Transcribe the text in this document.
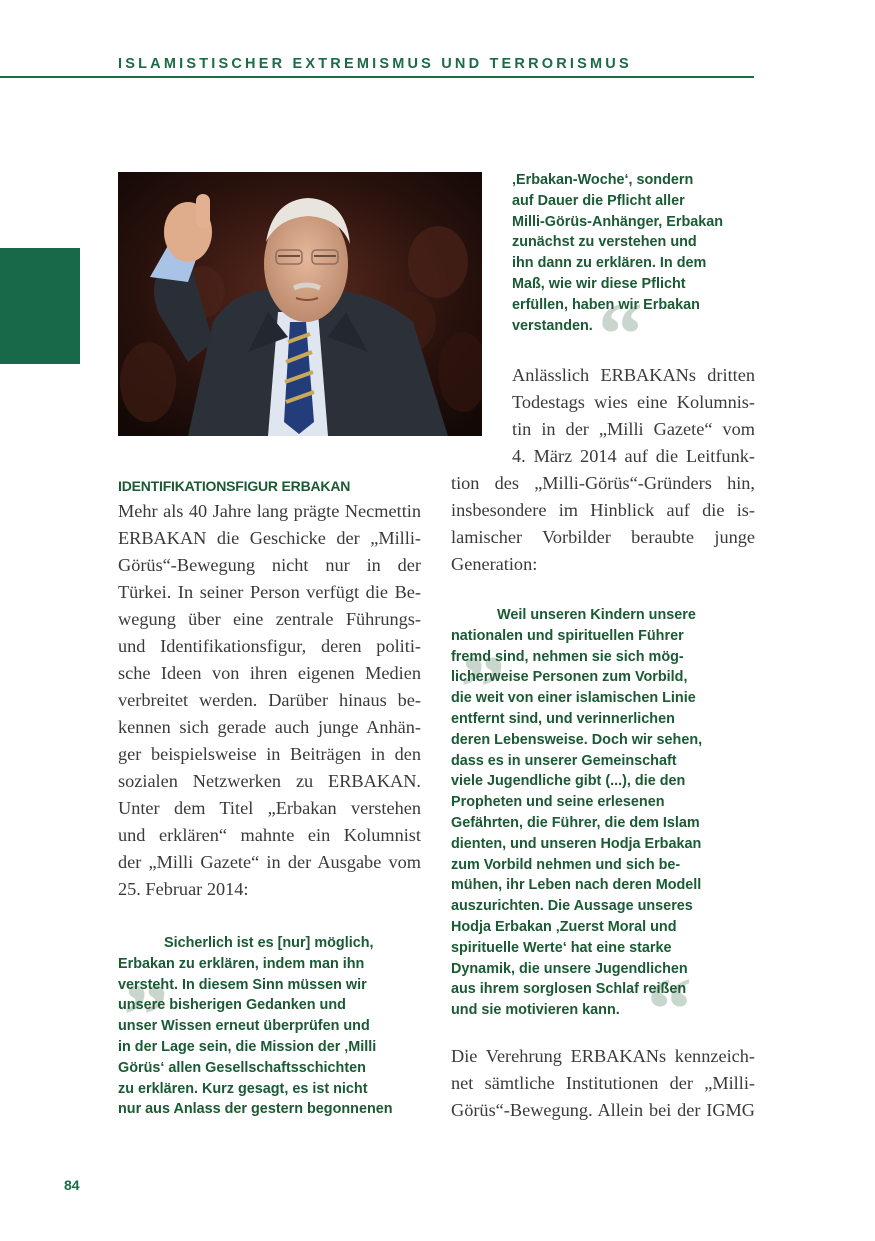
ISLAMISTISCHER EXTREMISMUS UND TERRORISMUS
“
‚Erbakan-Woche‘, sondern
auf Dauer die Pflicht aller
Milli-Görüs-Anhänger, Erbakan
zunächst zu verstehen und
ihn dann zu erklären. In dem
Maß, wie wir diese Pflicht
erfüllen, haben wir Erbakan
verstanden.
Anlässlich ERBAKANs dritten
Todestags wies eine Kolumnis-
tin in der „Milli Gazete“ vom
4. März 2014 auf die Leitfunk-
tion des „Milli-Görüs“-Gründers hin,
insbesondere im Hinblick auf die is-
lamischer Vorbilder beraubte junge
Generation:
IDENTIFIKATIONSFIGUR ERBAKAN
Mehr als 40 Jahre lang prägte Necmettin
ERBAKAN die Geschicke der „Milli-
Görüs“-Bewegung nicht nur in der
Türkei. In seiner Person verfügt die Be-
wegung über eine zentrale Führungs-
und Identifikationsfigur, deren politi-
sche Ideen von ihren eigenen Medien
verbreitet werden. Darüber hinaus be-
kennen sich gerade auch junge Anhän-
ger beispielsweise in Beiträgen in den
sozialen Netzwerken zu ERBAKAN.
Unter dem Titel „Erbakan verstehen
und erklären“ mahnte ein Kolumnist
der „Milli Gazete“ in der Ausgabe vom
25. Februar 2014:
„ Sicherlich ist es [nur] möglich,
Erbakan zu erklären, indem man ihn
versteht. In diesem Sinn müssen wir
unsere bisherigen Gedanken und
unser Wissen erneut überprüfen und
in der Lage sein, die Mission der ‚Milli
Görüs‘ allen Gesellschaftsschichten
zu erklären. Kurz gesagt, es ist nicht
nur aus Anlass der gestern begonnenen
„
“
Weil unseren Kindern unsere
nationalen und spirituellen Führer
fremd sind, nehmen sie sich mög-
licherweise Personen zum Vorbild,
die weit von einer islamischen Linie
entfernt sind, und verinnerlichen
deren Lebensweise. Doch wir sehen,
dass es in unserer Gemeinschaft
viele Jugendliche gibt (...), die den
Propheten und seine erlesenen
Gefährten, die Führer, die dem Islam
dienten, und unseren Hodja Erbakan
zum Vorbild nehmen und sich be-
mühen, ihr Leben nach deren Modell
auszurichten. Die Aussage unseres
Hodja Erbakan ‚Zuerst Moral und
spirituelle Werte‘ hat eine starke
Dynamik, die unsere Jugendlichen
aus ihrem sorglosen Schlaf reißen
und sie motivieren kann.
Die Verehrung ERBAKANs kennzeich-
net sämtliche Institutionen der „Milli-
Görüs“-Bewegung. Allein bei der IGMG
84
